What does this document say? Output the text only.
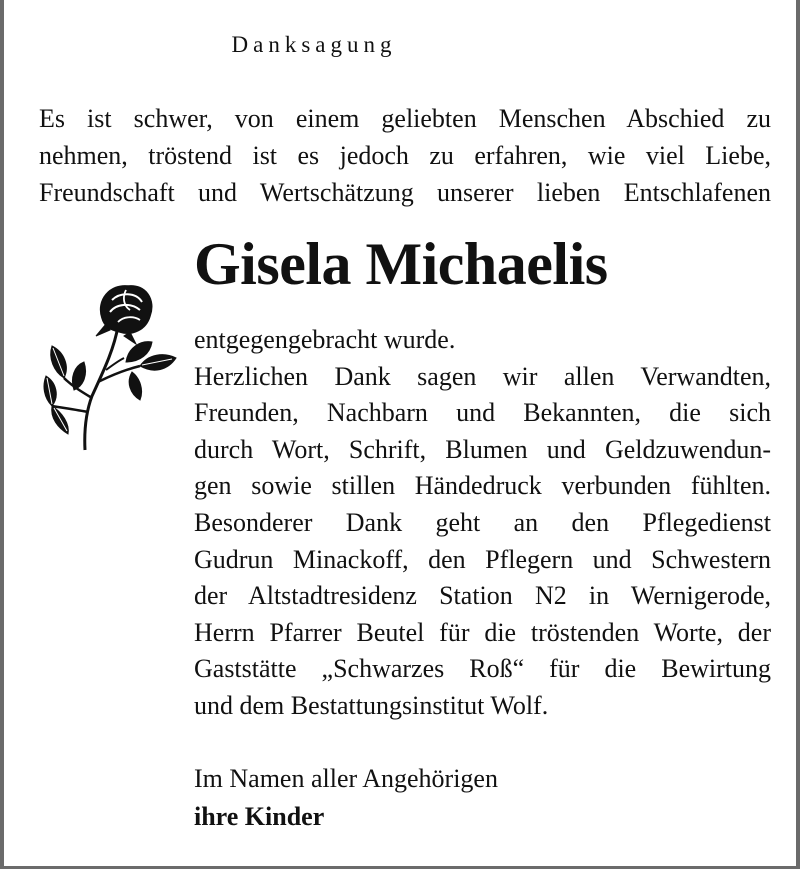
Danksagung
Es ist schwer, von einem geliebten Menschen Abschied zu
nehmen, tröstend ist es jedoch zu erfahren, wie viel Liebe,
Freundschaft und Wertschätzung unserer lieben Entschlafenen
Gisela Michaelis
entgegengebracht wurde.
Herzlichen Dank sagen wir allen Verwandten,
Freunden, Nachbarn und Bekannten, die sich
durch Wort, Schrift, Blumen und Geldzuwendun-
gen sowie stillen Händedruck verbunden fühlten.
Besonderer Dank geht an den Pflegedienst
Gudrun Minackoff, den Pflegern und Schwestern
der Altstadtresidenz Station N2 in Wernigerode,
Herrn Pfarrer Beutel für die tröstenden Worte, der
Gaststätte „Schwarzes Roß“ für die Bewirtung
und dem Bestattungsinstitut Wolf.
Im Namen aller Angehörigen
ihre Kinder
